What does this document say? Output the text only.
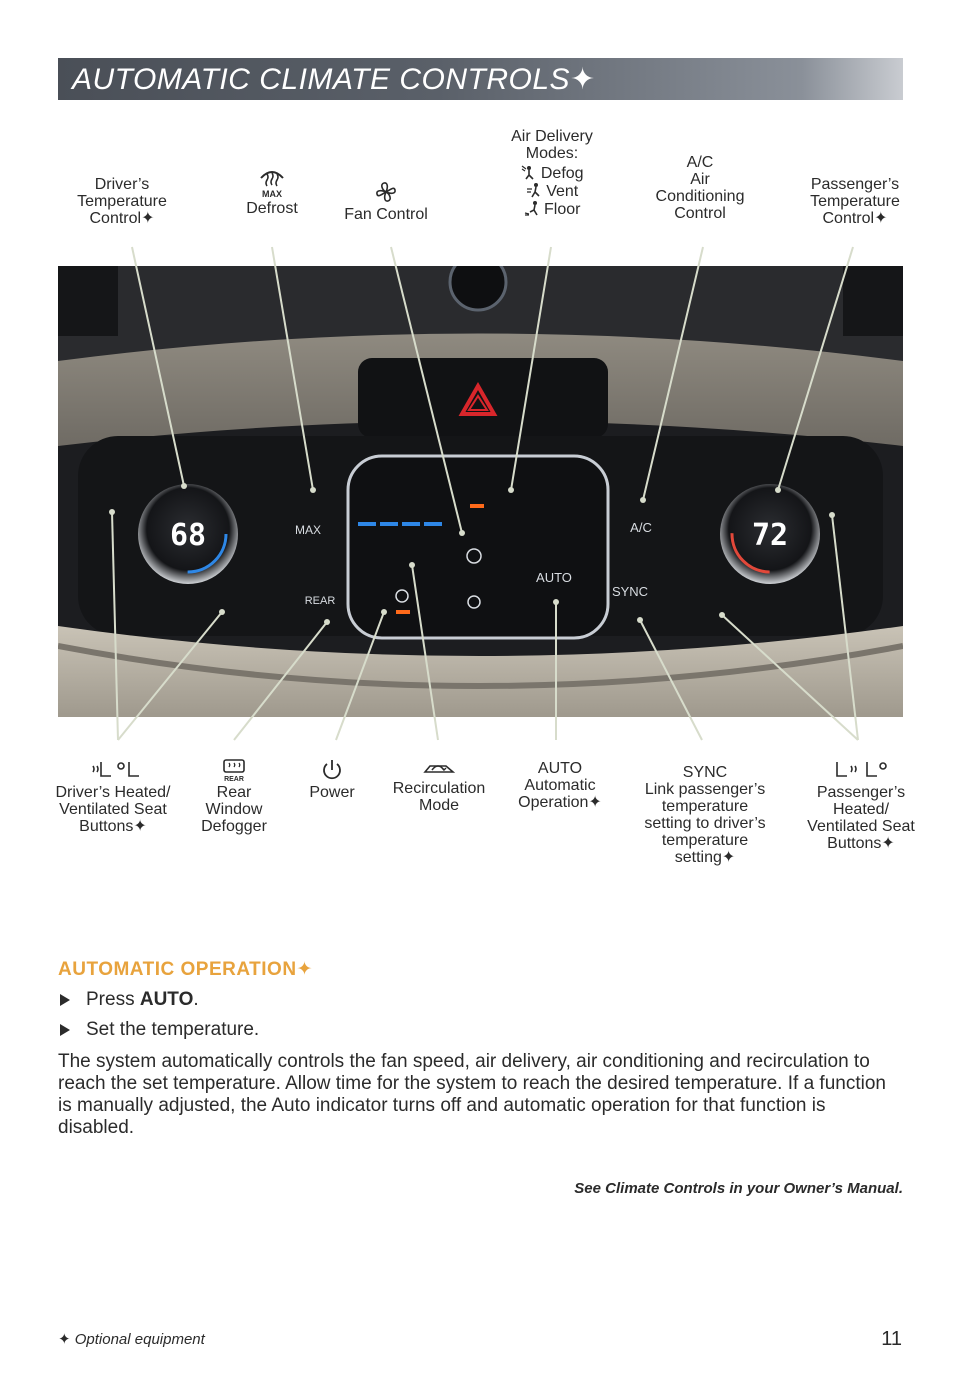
AUTOMATIC CLIMATE CONTROLS✦
Driver’s
Temperature
Control✦
MAX
Defrost	Fan Control
Air Delivery
Modes:
Defog
Vent
Floor
A/C
Air
Conditioning
Control
Passenger’s
Temperature
Control✦
68	72
MAX
REAR
AUTO
A/C
SYNC
Driver’s Heated/
Ventilated Seat
Buttons✦
REAR
Rear
Window
Defogger
Power	Recirculation
Mode
AUTO
Automatic
Operation✦
SYNC
Link passenger’s
temperature
setting to driver’s
temperature
setting✦
Passenger’s
Heated/
Ventilated Seat
Buttons✦
AUTOMATIC OPERATION✦
Press AUTO.
Set the temperature.
The system automatically controls the fan speed, air delivery, air conditioning and recirculation to reach the set temperature. Allow time for the system to reach the desired temperature. If a function is manually adjusted, the Auto indicator turns off and automatic operation for that function is disabled.
See Climate Controls in your Owner’s Manual.
✦ Optional equipment	11
